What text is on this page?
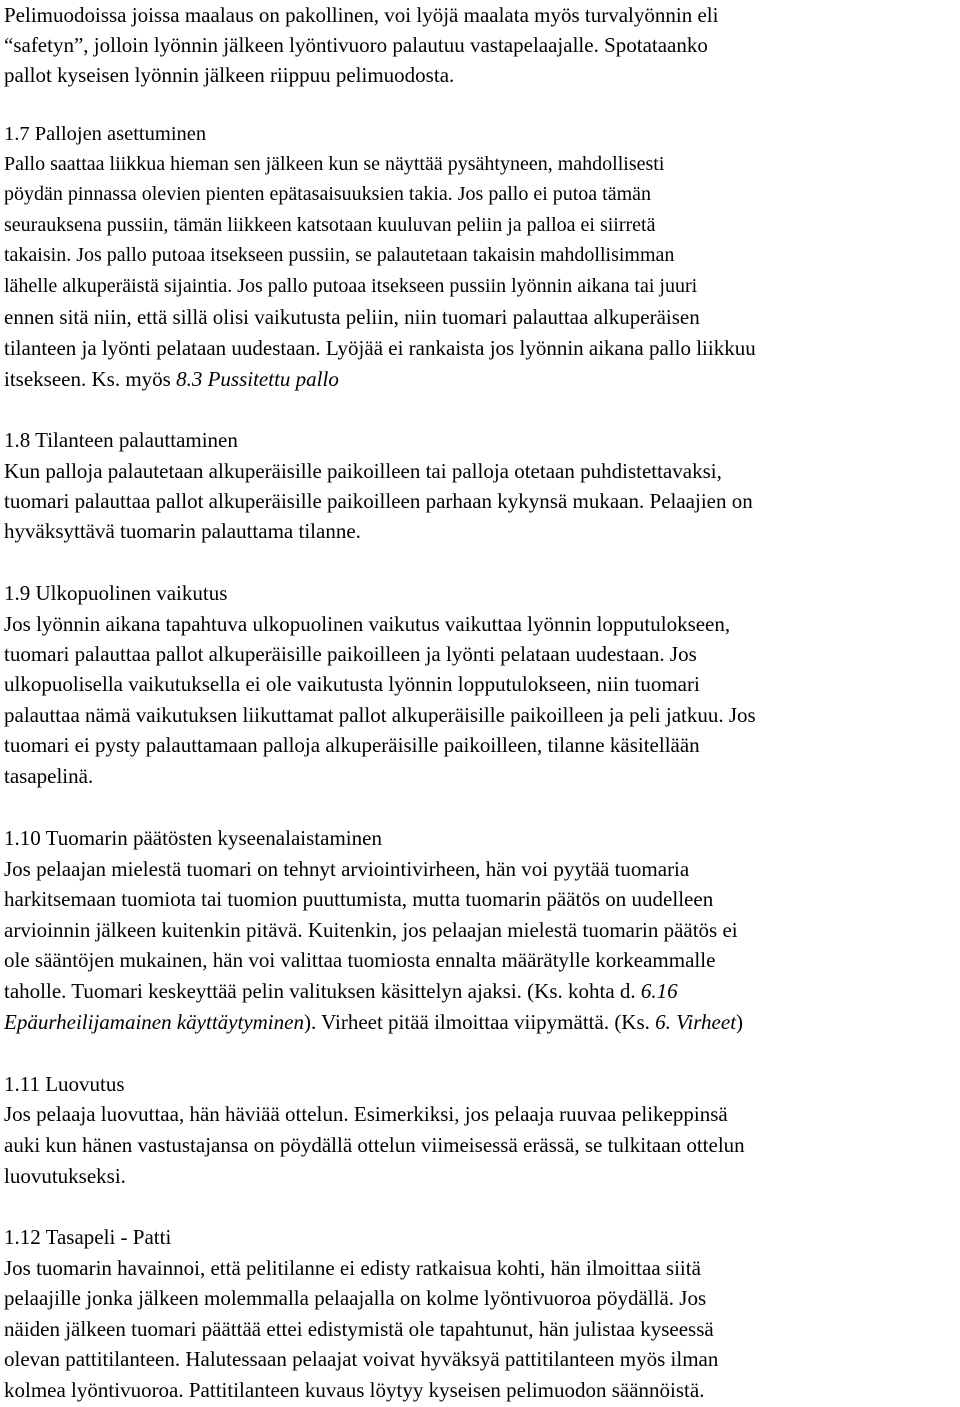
Pelimuodoissa joissa maalaus on pakollinen, voi lyöjä maalata myös turvalyönnin eli
“safetyn”, jolloin lyönnin jälkeen lyöntivuoro palautuu vastapelaajalle. Spotataanko
pallot kyseisen lyönnin jälkeen riippuu pelimuodosta.
1.7 Pallojen asettuminen
Pallo saattaa liikkua hieman sen jälkeen kun se näyttää pysähtyneen, mahdollisesti
pöydän pinnassa olevien pienten epätasaisuuksien takia. Jos pallo ei putoa tämän
seurauksena pussiin, tämän liikkeen katsotaan kuuluvan peliin ja palloa ei siirretä
takaisin. Jos pallo putoaa itsekseen pussiin, se palautetaan takaisin mahdollisimman
lähelle alkuperäistä sijaintia. Jos pallo putoaa itsekseen pussiin lyönnin aikana tai juuri
ennen sitä niin, että sillä olisi vaikutusta peliin, niin tuomari palauttaa alkuperäisen
tilanteen ja lyönti pelataan uudestaan. Lyöjää ei rankaista jos lyönnin aikana pallo liikkuu
itsekseen. Ks. myös 8.3 Pussitettu pallo
1.8 Tilanteen palauttaminen
Kun palloja palautetaan alkuperäisille paikoilleen tai palloja otetaan puhdistettavaksi,
tuomari palauttaa pallot alkuperäisille paikoilleen parhaan kykynsä mukaan. Pelaajien on
hyväksyttävä tuomarin palauttama tilanne.
1.9 Ulkopuolinen vaikutus
Jos lyönnin aikana tapahtuva ulkopuolinen vaikutus vaikuttaa lyönnin lopputulokseen,
tuomari palauttaa pallot alkuperäisille paikoilleen ja lyönti pelataan uudestaan. Jos
ulkopuolisella vaikutuksella ei ole vaikutusta lyönnin lopputulokseen, niin tuomari
palauttaa nämä vaikutuksen liikuttamat pallot alkuperäisille paikoilleen ja peli jatkuu. Jos
tuomari ei pysty palauttamaan palloja alkuperäisille paikoilleen, tilanne käsitellään
tasapelinä.
1.10 Tuomarin päätösten kyseenalaistaminen
Jos pelaajan mielestä tuomari on tehnyt arviointivirheen, hän voi pyytää tuomaria
harkitsemaan tuomiota tai tuomion puuttumista, mutta tuomarin päätös on uudelleen
arvioinnin jälkeen kuitenkin pitävä. Kuitenkin, jos pelaajan mielestä tuomarin päätös ei
ole sääntöjen mukainen, hän voi valittaa tuomiosta ennalta määrätylle korkeammalle
taholle. Tuomari keskeyttää pelin valituksen käsittelyn ajaksi. (Ks. kohta d. 6.16
Epäurheilijamainen käyttäytyminen). Virheet pitää ilmoittaa viipymättä. (Ks. 6. Virheet)
1.11 Luovutus
Jos pelaaja luovuttaa, hän häviää ottelun. Esimerkiksi, jos pelaaja ruuvaa pelikeppinsä
auki kun hänen vastustajansa on pöydällä ottelun viimeisessä erässä, se tulkitaan ottelun
luovutukseksi.
1.12 Tasapeli - Patti
Jos tuomarin havainnoi, että pelitilanne ei edisty ratkaisua kohti, hän ilmoittaa siitä
pelaajille jonka jälkeen molemmalla pelaajalla on kolme lyöntivuoroa pöydällä. Jos
näiden jälkeen tuomari päättää ettei edistymistä ole tapahtunut, hän julistaa kyseessä
olevan pattitilanteen. Halutessaan pelaajat voivat hyväksyä pattitilanteen myös ilman
kolmea lyöntivuoroa. Pattitilanteen kuvaus löytyy kyseisen pelimuodon säännöistä.
